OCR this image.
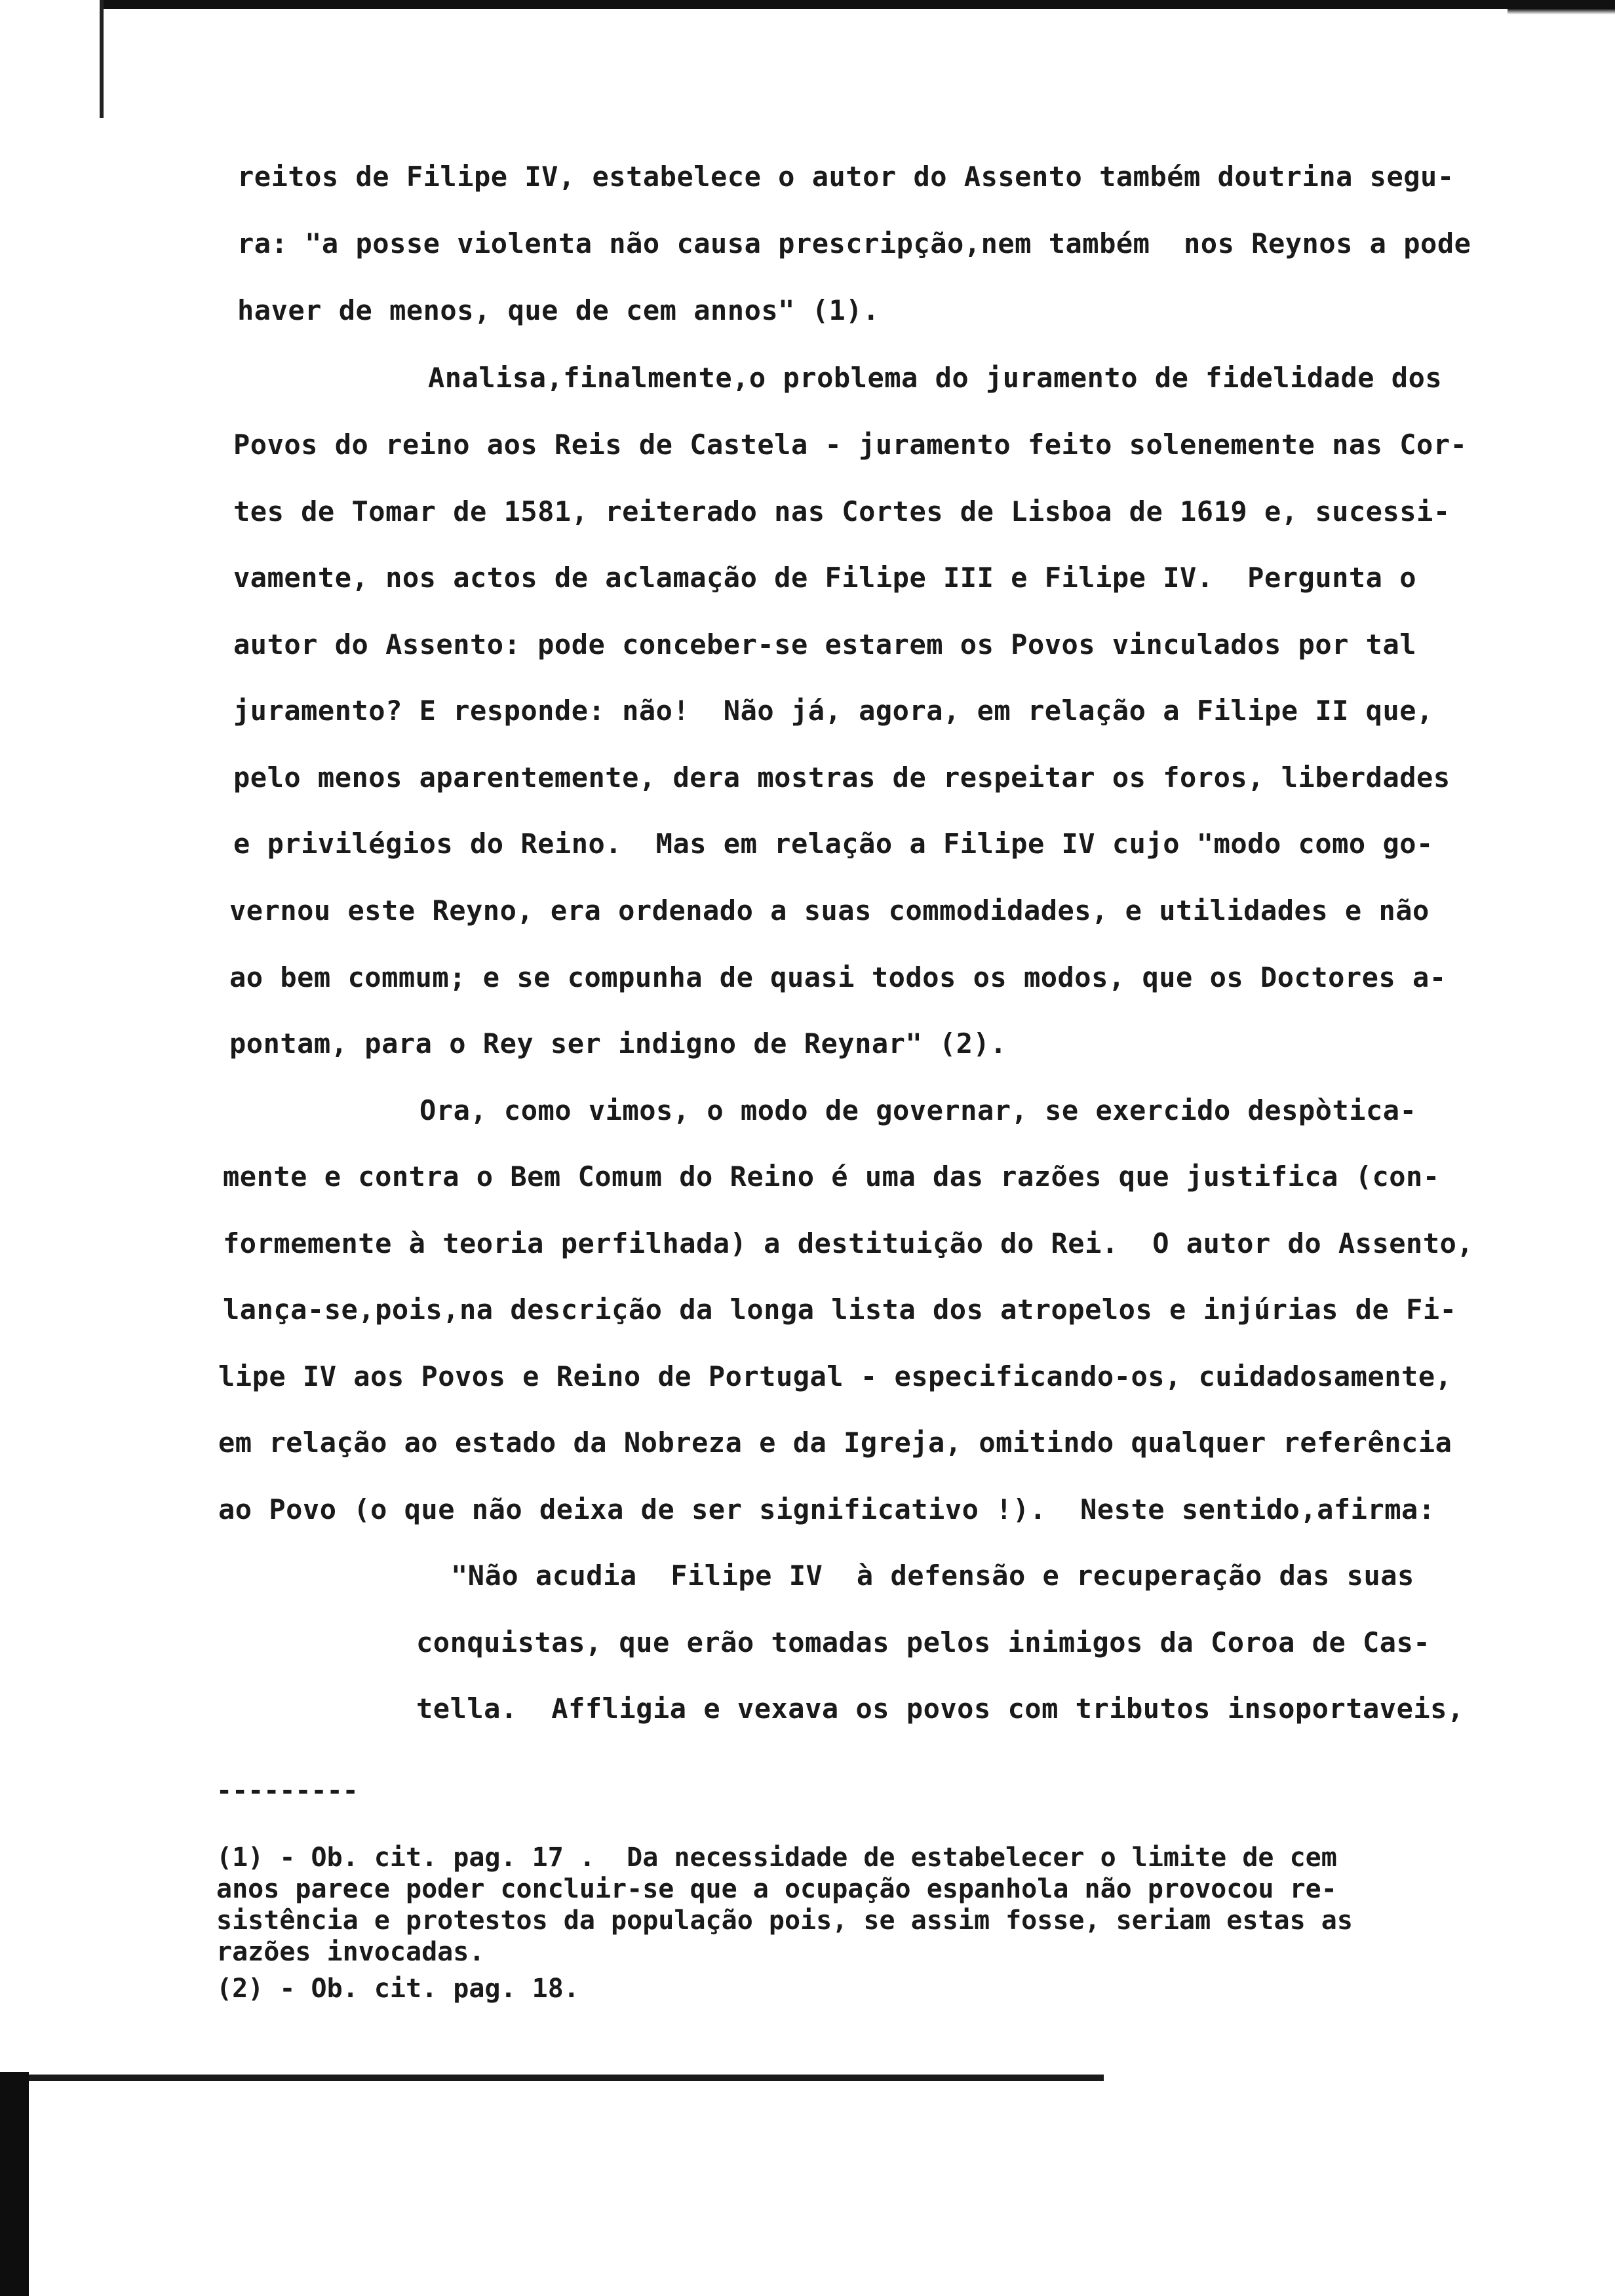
reitos de Filipe IV, estabelece o autor do Assento também doutrina segu-
ra: "a posse violenta não causa prescripção,nem também  nos Reynos a pode
haver de menos, que de cem annos" (1).
Analisa,finalmente,o problema do juramento de fidelidade dos
Povos do reino aos Reis de Castela - juramento feito solenemente nas Cor-
tes de Tomar de 1581, reiterado nas Cortes de Lisboa de 1619 e, sucessi-
vamente, nos actos de aclamação de Filipe III e Filipe IV.  Pergunta o
autor do Assento: pode conceber-se estarem os Povos vinculados por tal
juramento? E responde: não!  Não já, agora, em relação a Filipe II que,
pelo menos aparentemente, dera mostras de respeitar os foros, liberdades
e privilégios do Reino.  Mas em relação a Filipe IV cujo "modo como go-
vernou este Reyno, era ordenado a suas commodidades, e utilidades e não
ao bem commum; e se compunha de quasi todos os modos, que os Doctores a-
pontam, para o Rey ser indigno de Reynar" (2).
Ora, como vimos, o modo de governar, se exercido despòticа-
mente e contra o Bem Comum do Reino é uma das razões que justifica (con-
formemente à teoria perfilhada) a destituição do Rei.  O autor do Assento,
lança-se,pois,na descrição da longa lista dos atropelos e injúrias de Fi-
lipe IV aos Povos e Reino de Portugal - especificando-os, cuidadosamente,
em relação ao estado da Nobreza e da Igreja, omitindo qualquer referência
ao Povo (o que não deixa de ser significativo !).  Neste sentido,afirma:
"Não acudia  Filipe IV  à defensão e recuperação das suas
conquistas, que erão tomadas pelos inimigos da Coroa de Cas-
tella.  Affligia e vexava os povos com tributos insoportaveis,
---------
(1) - Ob. cit. pag. 17 .  Da necessidade de estabelecer o limite de cem
anos parece poder concluir-se que a ocupação espanhola não provocou re-
sistência e protestos da população pois, se assim fosse, seriam estas as
razões invocadas.
(2) - Ob. cit. pag. 18.
